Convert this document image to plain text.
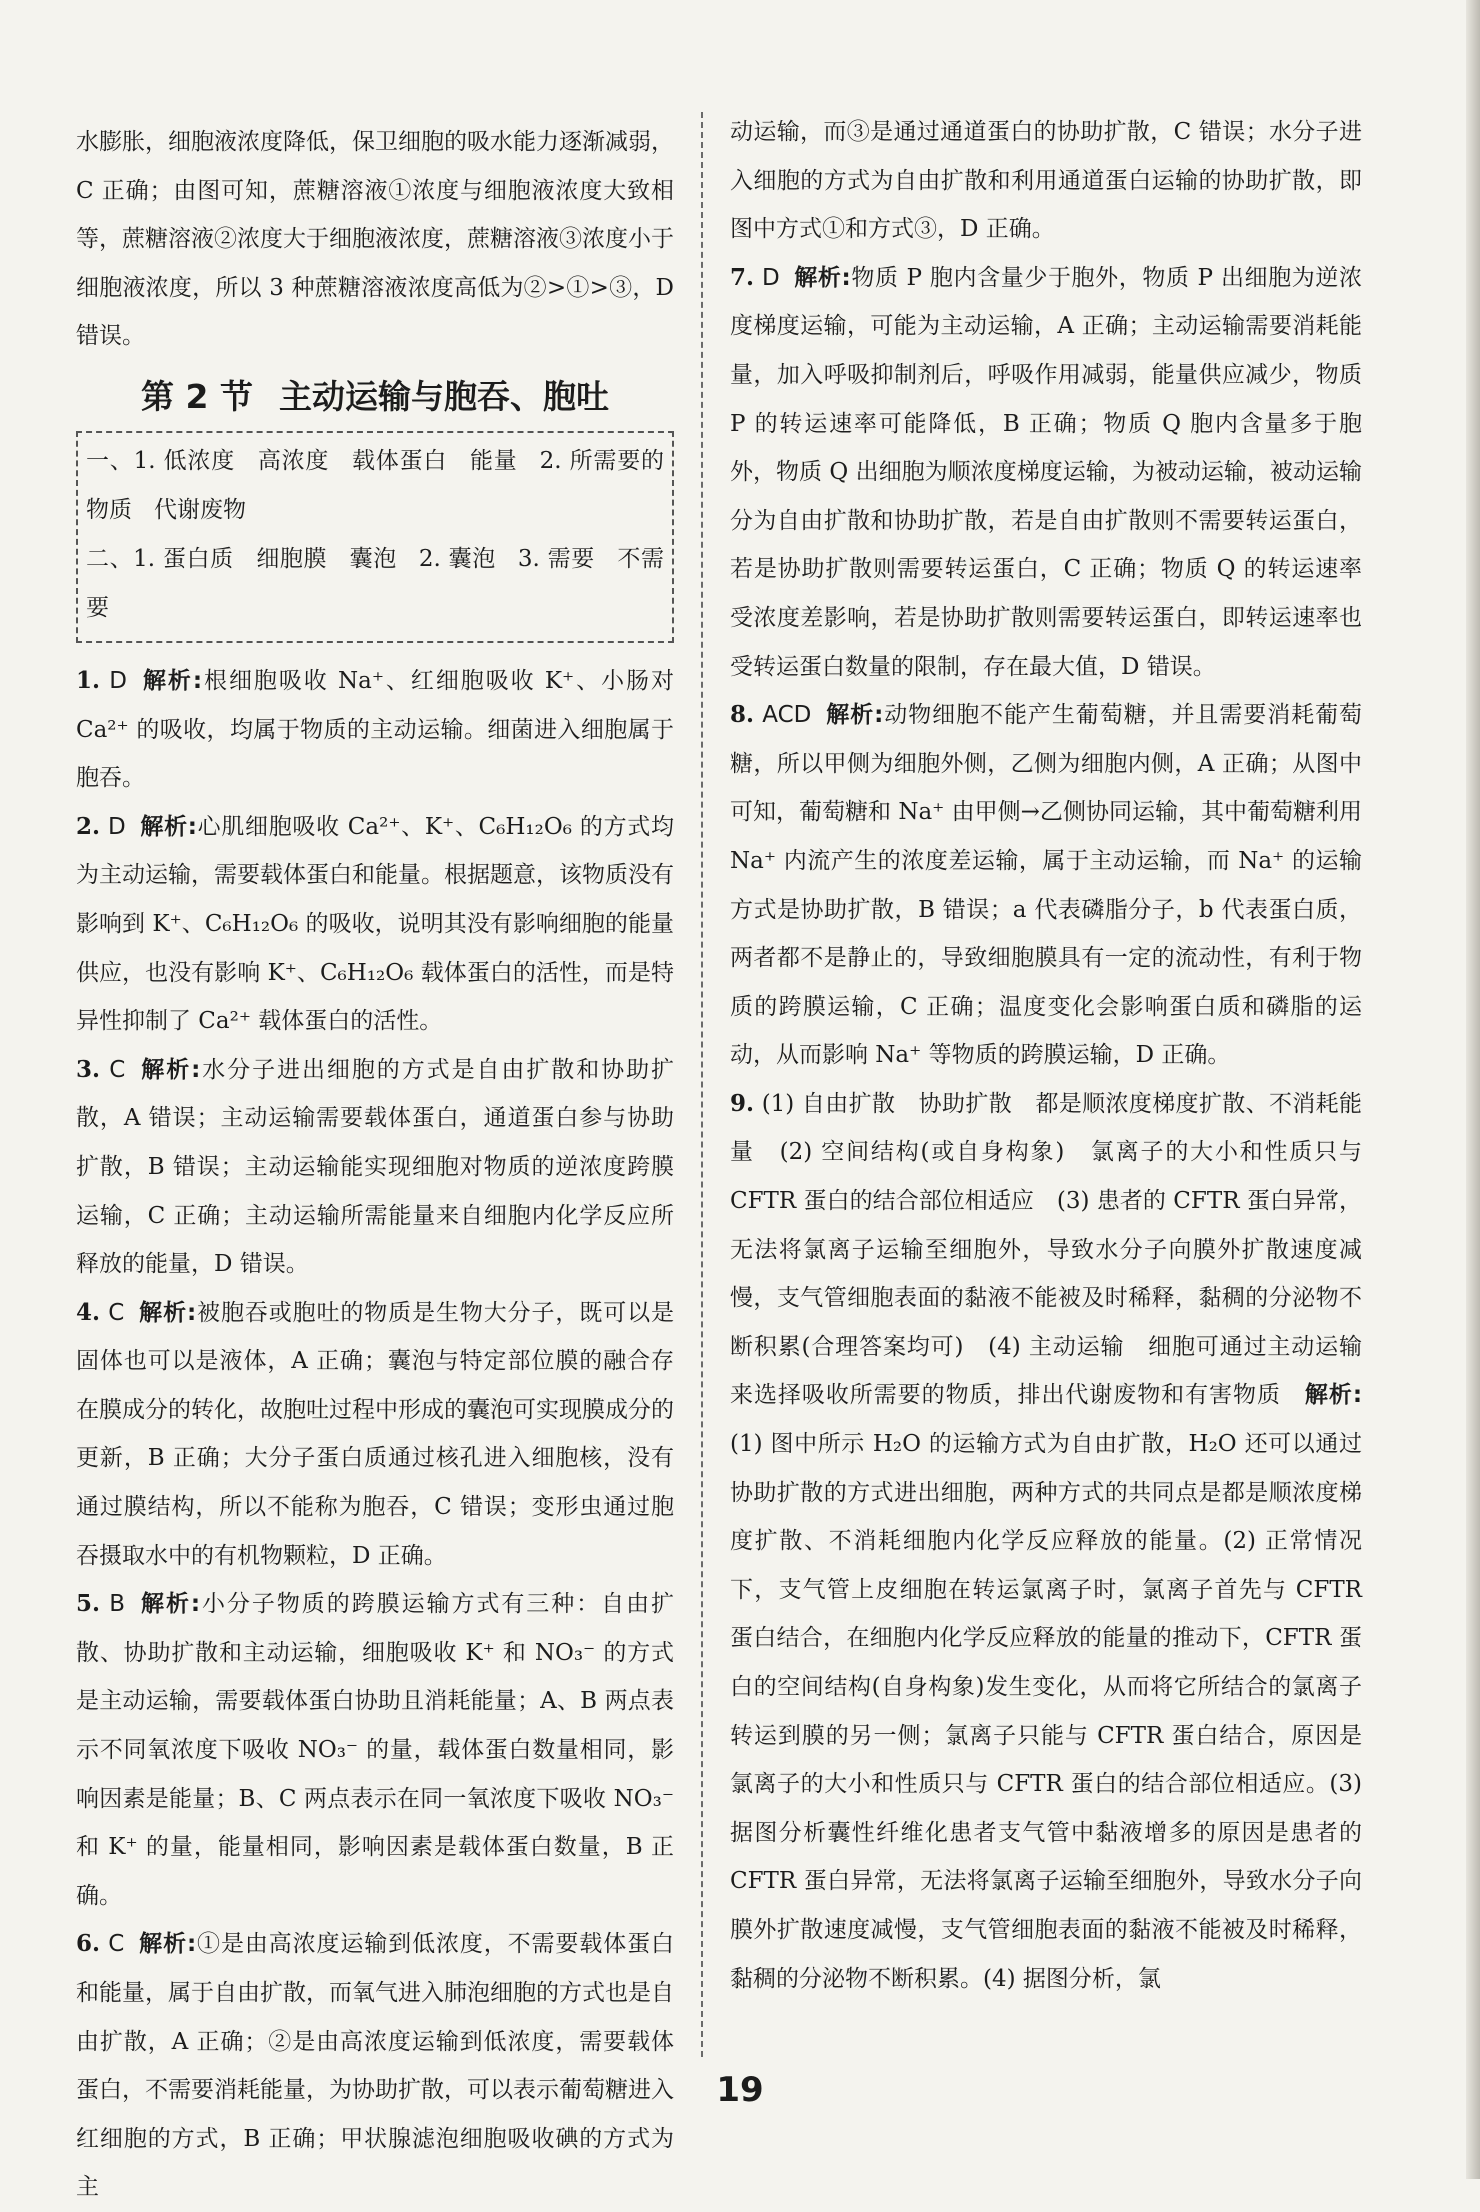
水膨胀，细胞液浓度降低，保卫细胞的吸水能力逐渐减弱，C 正确；由图可知，蔗糖溶液①浓度与细胞液浓度大致相等，蔗糖溶液②浓度大于细胞液浓度，蔗糖溶液③浓度小于细胞液浓度，所以 3 种蔗糖溶液浓度高低为②>①>③，D 错误。

第 2 节 主动运输与胞吞、胞吐

一、1. 低浓度 高浓度 载体蛋白 能量 2. 所需要的物质 代谢废物

二、1. 蛋白质 细胞膜 囊泡 2. 囊泡 3. 需要 不需要

1. D 解析:根细胞吸收 Na⁺、红细胞吸收 K⁺、小肠对 Ca²⁺ 的吸收，均属于物质的主动运输。细菌进入细胞属于胞吞。

2. D 解析:心肌细胞吸收 Ca²⁺、K⁺、C₆H₁₂O₆ 的方式均为主动运输，需要载体蛋白和能量。根据题意，该物质没有影响到 K⁺、C₆H₁₂O₆ 的吸收，说明其没有影响细胞的能量供应，也没有影响 K⁺、C₆H₁₂O₆ 载体蛋白的活性，而是特异性抑制了 Ca²⁺ 载体蛋白的活性。

3. C 解析:水分子进出细胞的方式是自由扩散和协助扩散，A 错误；主动运输需要载体蛋白，通道蛋白参与协助扩散，B 错误；主动运输能实现细胞对物质的逆浓度跨膜运输，C 正确；主动运输所需能量来自细胞内化学反应所释放的能量，D 错误。

4. C 解析:被胞吞或胞吐的物质是生物大分子，既可以是固体也可以是液体，A 正确；囊泡与特定部位膜的融合存在膜成分的转化，故胞吐过程中形成的囊泡可实现膜成分的更新，B 正确；大分子蛋白质通过核孔进入细胞核，没有通过膜结构，所以不能称为胞吞，C 错误；变形虫通过胞吞摄取水中的有机物颗粒，D 正确。

5. B 解析:小分子物质的跨膜运输方式有三种：自由扩散、协助扩散和主动运输，细胞吸收 K⁺ 和 NO₃⁻ 的方式是主动运输，需要载体蛋白协助且消耗能量；A、B 两点表示不同氧浓度下吸收 NO₃⁻ 的量，载体蛋白数量相同，影响因素是能量；B、C 两点表示在同一氧浓度下吸收 NO₃⁻ 和 K⁺ 的量，能量相同，影响因素是载体蛋白数量，B 正确。

6. C 解析:①是由高浓度运输到低浓度，不需要载体蛋白和能量，属于自由扩散，而氧气进入肺泡细胞的方式也是自由扩散，A 正确；②是由高浓度运输到低浓度，需要载体蛋白，不需要消耗能量，为协助扩散，可以表示葡萄糖进入红细胞的方式，B 正确；甲状腺滤泡细胞吸收碘的方式为主

动运输，而③是通过通道蛋白的协助扩散，C 错误；水分子进入细胞的方式为自由扩散和利用通道蛋白运输的协助扩散，即图中方式①和方式③，D 正确。

7. D 解析:物质 P 胞内含量少于胞外，物质 P 出细胞为逆浓度梯度运输，可能为主动运输，A 正确；主动运输需要消耗能量，加入呼吸抑制剂后，呼吸作用减弱，能量供应减少，物质 P 的转运速率可能降低，B 正确；物质 Q 胞内含量多于胞外，物质 Q 出细胞为顺浓度梯度运输，为被动运输，被动运输分为自由扩散和协助扩散，若是自由扩散则不需要转运蛋白，若是协助扩散则需要转运蛋白，C 正确；物质 Q 的转运速率受浓度差影响，若是协助扩散则需要转运蛋白，即转运速率也受转运蛋白数量的限制，存在最大值，D 错误。

8. ACD 解析:动物细胞不能产生葡萄糖，并且需要消耗葡萄糖，所以甲侧为细胞外侧，乙侧为细胞内侧，A 正确；从图中可知，葡萄糖和 Na⁺ 由甲侧→乙侧协同运输，其中葡萄糖利用 Na⁺ 内流产生的浓度差运输，属于主动运输，而 Na⁺ 的运输方式是协助扩散，B 错误；a 代表磷脂分子，b 代表蛋白质，两者都不是静止的，导致细胞膜具有一定的流动性，有利于物质的跨膜运输，C 正确；温度变化会影响蛋白质和磷脂的运动，从而影响 Na⁺ 等物质的跨膜运输，D 正确。

9. (1) 自由扩散　协助扩散　都是顺浓度梯度扩散、不消耗能量　(2) 空间结构(或自身构象)　氯离子的大小和性质只与 CFTR 蛋白的结合部位相适应　(3) 患者的 CFTR 蛋白异常，无法将氯离子运输至细胞外，导致水分子向膜外扩散速度减慢，支气管细胞表面的黏液不能被及时稀释，黏稠的分泌物不断积累(合理答案均可)　(4) 主动运输　细胞可通过主动运输来选择吸收所需要的物质，排出代谢废物和有害物质　 解析:(1) 图中所示 H₂O 的运输方式为自由扩散，H₂O 还可以通过协助扩散的方式进出细胞，两种方式的共同点是都是顺浓度梯度扩散、不消耗细胞内化学反应释放的能量。(2) 正常情况下，支气管上皮细胞在转运氯离子时，氯离子首先与 CFTR 蛋白结合，在细胞内化学反应释放的能量的推动下，CFTR 蛋白的空间结构(自身构象)发生变化，从而将它所结合的氯离子转运到膜的另一侧；氯离子只能与 CFTR 蛋白结合，原因是氯离子的大小和性质只与 CFTR 蛋白的结合部位相适应。(3) 据图分析囊性纤维化患者支气管中黏液增多的原因是患者的 CFTR 蛋白异常，无法将氯离子运输至细胞外，导致水分子向膜外扩散速度减慢，支气管细胞表面的黏液不能被及时稀释，黏稠的分泌物不断积累。(4) 据图分析，氯

19
